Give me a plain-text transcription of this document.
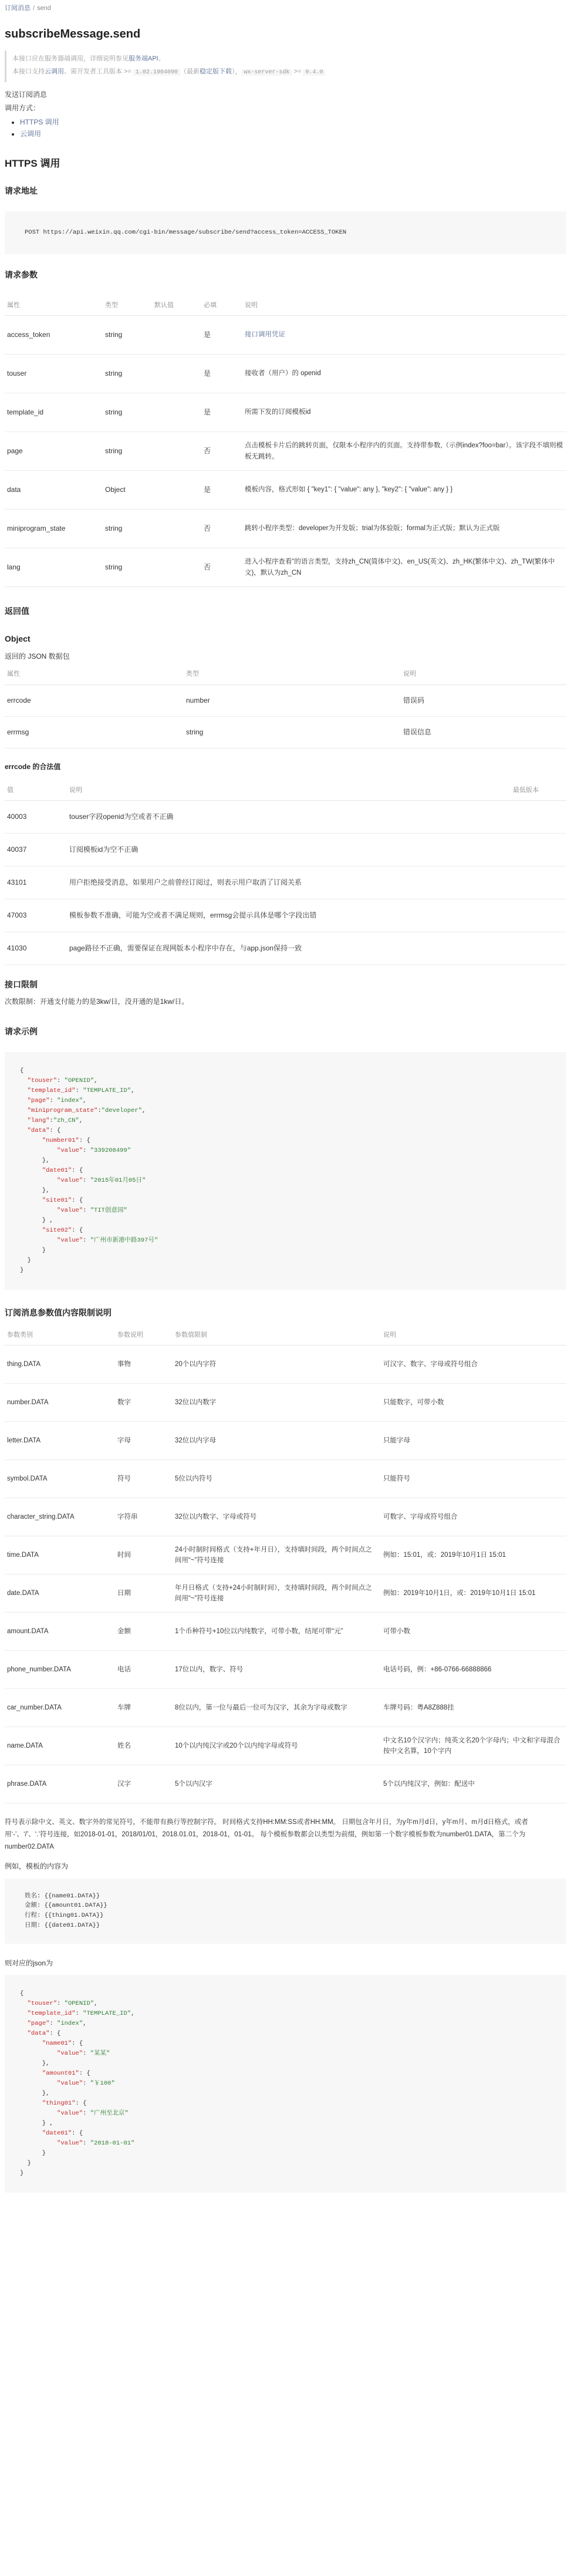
订阅消息 / send
subscribeMessage.send

本接口应在服务器端调用，详细说明参见服务端API。

本接口支持云调用。需开发者工具版本 >= 1.02.1904090 （最新稳定版下载）， wx-server-sdk >= 0.4.0

发送订阅消息

调用方式：

• HTTPS 调用
• 云调用
HTTPS 调用
请求地址
POST https://api.weixin.qq.com/cgi-bin/message/subscribe/send?access_token=ACCESS_TOKEN
请求参数
属性	类型	默认值	必填	说明
access_token	string		是	接口调用凭证
touser	string		是	接收者（用户）的 openid
template_id	string		是	所需下发的订阅模板id
page	string		否	点击模板卡片后的跳转页面，仅限本小程序内的页面。支持带参数,（示例index?foo=bar）。该字段不填则模板无跳转。
data	Object		是	模板内容，格式形如 { "key1": { "value": any }, "key2": { "value": any } }
miniprogram_state	string		否	跳转小程序类型：developer为开发版；trial为体验版；formal为正式版；默认为正式版
lang	string		否	进入小程序查看”的语言类型，支持zh_CN(简体中文)、en_US(英文)、zh_HK(繁体中文)、zh_TW(繁体中文)，默认为zh_CN
返回值
Object

返回的 JSON 数据包

属性	类型	说明
errcode	number	错误码
errmsg	string	错误信息
errcode 的合法值
值	说明	最低版本
40003	touser字段openid为空或者不正确	
40037	订阅模板id为空不正确	
43101	用户拒绝接受消息，如果用户之前曾经订阅过，则表示用户取消了订阅关系	
47003	模板参数不准确，可能为空或者不满足规则，errmsg会提示具体是哪个字段出错	
41030	page路径不正确，需要保证在现网版本小程序中存在，与app.json保持一致	
接口限制

次数限制：开通支付能力的是3kw/日，没开通的是1kw/日。

请求示例
{
"touser": "OPENID",
"template_id": "TEMPLATE_ID",
"page": "index",
"miniprogram_state":"developer",
"lang":"zh_CN",
"data": {
"number01": {
"value": "339208499"
},
"date01": {
"value": "2015年01月05日"
},
"site01": {
"value": "TIT创意园"
} ,
"site02": {
"value": "广州市新港中路397号"
}
}
}
订阅消息参数值内容限制说明
参数类别	参数说明	参数值限制	说明
thing.DATA	事物	20个以内字符	可汉字、数字、字母或符号组合
number.DATA	数字	32位以内数字	只能数字，可带小数
letter.DATA	字母	32位以内字母	只能字母
symbol.DATA	符号	5位以内符号	只能符号
character_string.DATA	字符串	32位以内数字、字母或符号	可数字、字母或符号组合
time.DATA	时间	24小时制时间格式（支持+年月日），支持填时间段，两个时间点之间用“~”符号连接	例如：15:01，或：2019年10月1日 15:01
date.DATA	日期	年月日格式（支持+24小时制时间），支持填时间段，两个时间点之间用“~”符号连接	例如：2019年10月1日，或：2019年10月1日 15:01
amount.DATA	金额	1个币种符号+10位以内纯数字，可带小数，结尾可带“元”	可带小数
phone_number.DATA	电话	17位以内，数字、符号	电话号码，例：+86-0766-66888866
car_number.DATA	车牌	8位以内，第一位与最后一位可为汉字，其余为字母或数字	车牌号码：粤A8Z888挂
name.DATA	姓名	10个以内纯汉字或20个以内纯字母或符号	中文名10个汉字内；纯英文名20个字母内；中文和字母混合按中文名算，10个字内
phrase.DATA	汉字	5个以内汉字	5个以内纯汉字，例如：配送中

符号表示除中文、英文、数字外的常见符号，不能带有换行等控制字符。 时间格式支持HH:MM:SS或者HH:MM。 日期包含年月日，为y年m月d日，y年m月、m月d日格式，或者用‘-’、‘/’、‘.’符号连接，如2018-01-01，2018/01/01，2018.01.01，2018-01，01-01。 每个模板参数都会以类型为前缀，例如第一个数字模板参数为number01.DATA，第二个为number02.DATA

例如，模板的内容为

姓名: {{name01.DATA}}
金额: {{amount01.DATA}}
行程: {{thing01.DATA}}
日期: {{date01.DATA}}

则对应的json为

{
"touser": "OPENID",
"template_id": "TEMPLATE_ID",
"page": "index",
"data": {
"name01": {
"value": "某某"
},
"amount01": {
"value": "￥100"
},
"thing01": {
"value": "广州至北京"
} ,
"date01": {
"value": "2018-01-01"
}
}
}
